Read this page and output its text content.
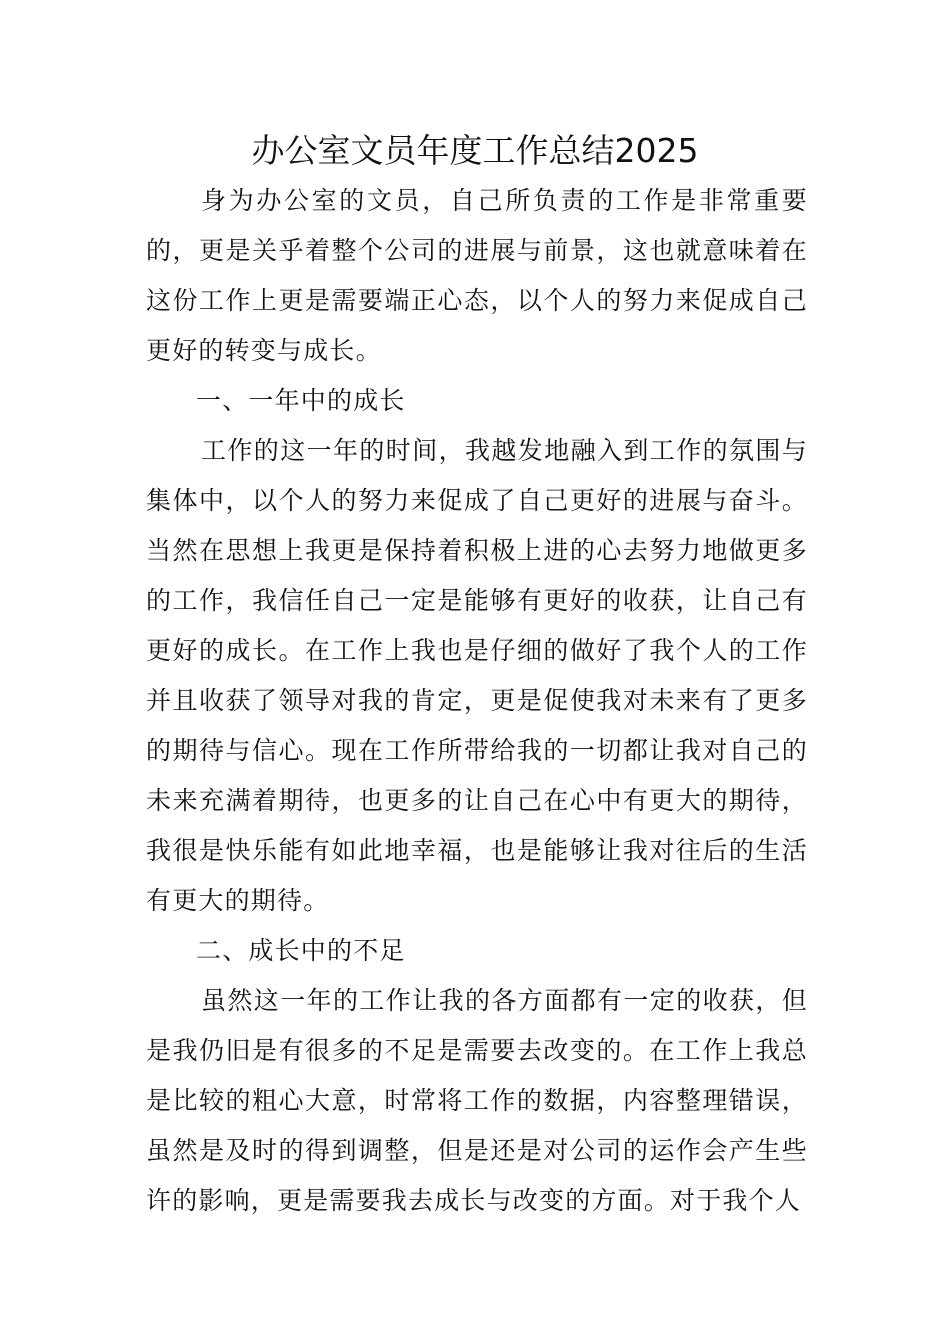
办公室文员年度工作总结2025

身为办公室的文员，自己所负责的工作是非常重要的，更是关乎着整个公司的进展与前景，这也就意味着在这份工作上更是需要端正心态，以个人的努力来促成自己更好的转变与成长。

一、一年中的成长

工作的这一年的时间，我越发地融入到工作的氛围与集体中，以个人的努力来促成了自己更好的进展与奋斗。当然在思想上我更是保持着积极上进的心去努力地做更多的工作，我信任自己一定是能够有更好的收获，让自己有更好的成长。在工作上我也是仔细的做好了我个人的工作并且收获了领导对我的肯定，更是促使我对未来有了更多的期待与信心。现在工作所带给我的一切都让我对自己的未来充满着期待，也更多的让自己在心中有更大的期待，我很是快乐能有如此地幸福，也是能够让我对往后的生活有更大的期待。

二、成长中的不足

虽然这一年的工作让我的各方面都有一定的收获，但是我仍旧是有很多的不足是需要去改变的。在工作上我总是比较的粗心大意，时常将工作的数据，内容整理错误，虽然是及时的得到调整，但是还是对公司的运作会产生些许的影响，更是需要我去成长与改变的方面。对于我个人
